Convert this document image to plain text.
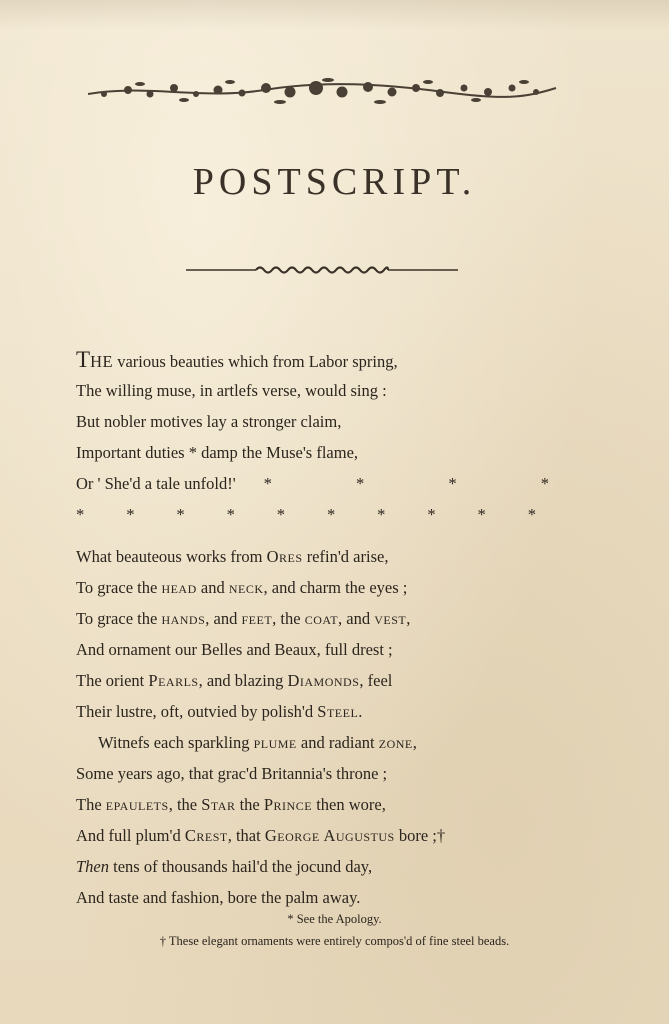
POSTSCRIPT.
THE various beauties which from Labor spring,
The willing muse, in artlefs verse, would sing :
But nobler motives lay a stronger claim,
Important duties * damp the Muse's flame,
Or ' She'd a tale unfold!' * * * *
*	*	*	*	*	*	*	*	*	*
What beauteous works from Ores refin'd arise,
To grace the head and neck, and charm the eyes ;
To grace the hands, and feet, the coat, and vest,
And ornament our Belles and Beaux, full drest ;
The orient Pearls, and blazing Diamonds, feel
Their lustre, oft, outvied by polish'd Steel.
Witnefs each sparkling plume and radiant zone,
Some years ago, that grac'd Britannia's throne ;
The epaulets, the Star the Prince then wore,
And full plum'd Crest, that George Augustus bore ;†
Then tens of thousands hail'd the jocund day,
And taste and fashion, bore the palm away.
* See the Apology.
† These elegant ornaments were entirely compos'd of fine steel beads.
